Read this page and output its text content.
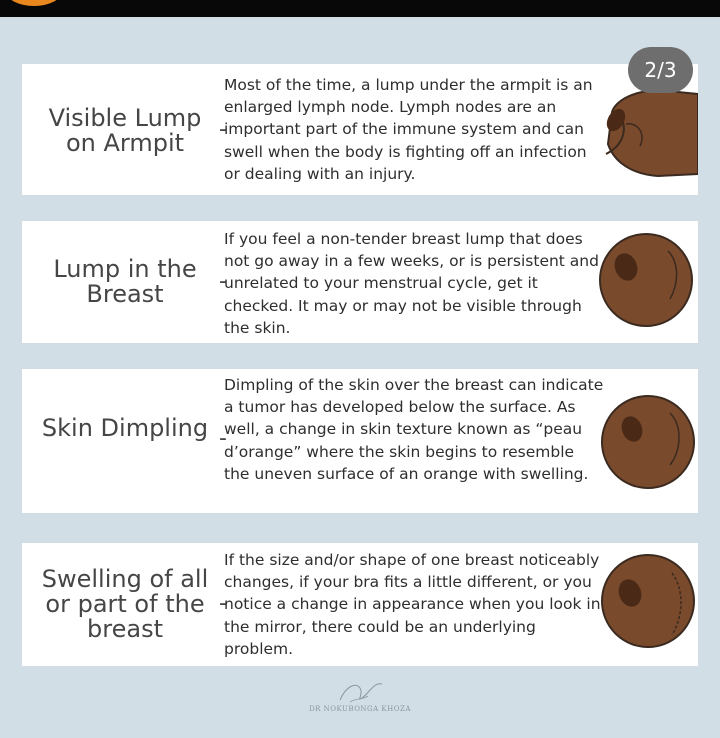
2/3
Visible Lump on Armpit	-
Most of the time, a lump under the armpit is an enlarged lymph node. Lymph nodes are an important part of the immune system and can swell when the body is fighting off an infection or dealing with an injury.
Lump in the Breast	-
If you feel a non-tender breast lump that does not go away in a few weeks, or is persistent and unrelated to your menstrual cycle, get it checked. It may or may not be visible through the skin.
Skin Dimpling -
Dimpling of the skin over the breast can indicate a tumor has developed below the surface. As well, a change in skin texture known as “peau d’orange” where the skin begins to resemble the uneven surface of an orange with swelling.
Swelling of all or part of the breast
-
If the size and/or shape of one breast noticeably changes, if your bra fits a little different, or you notice a change in appearance when you look in the mirror, there could be an underlying problem.
DR NOKUBONGA KHOZA
